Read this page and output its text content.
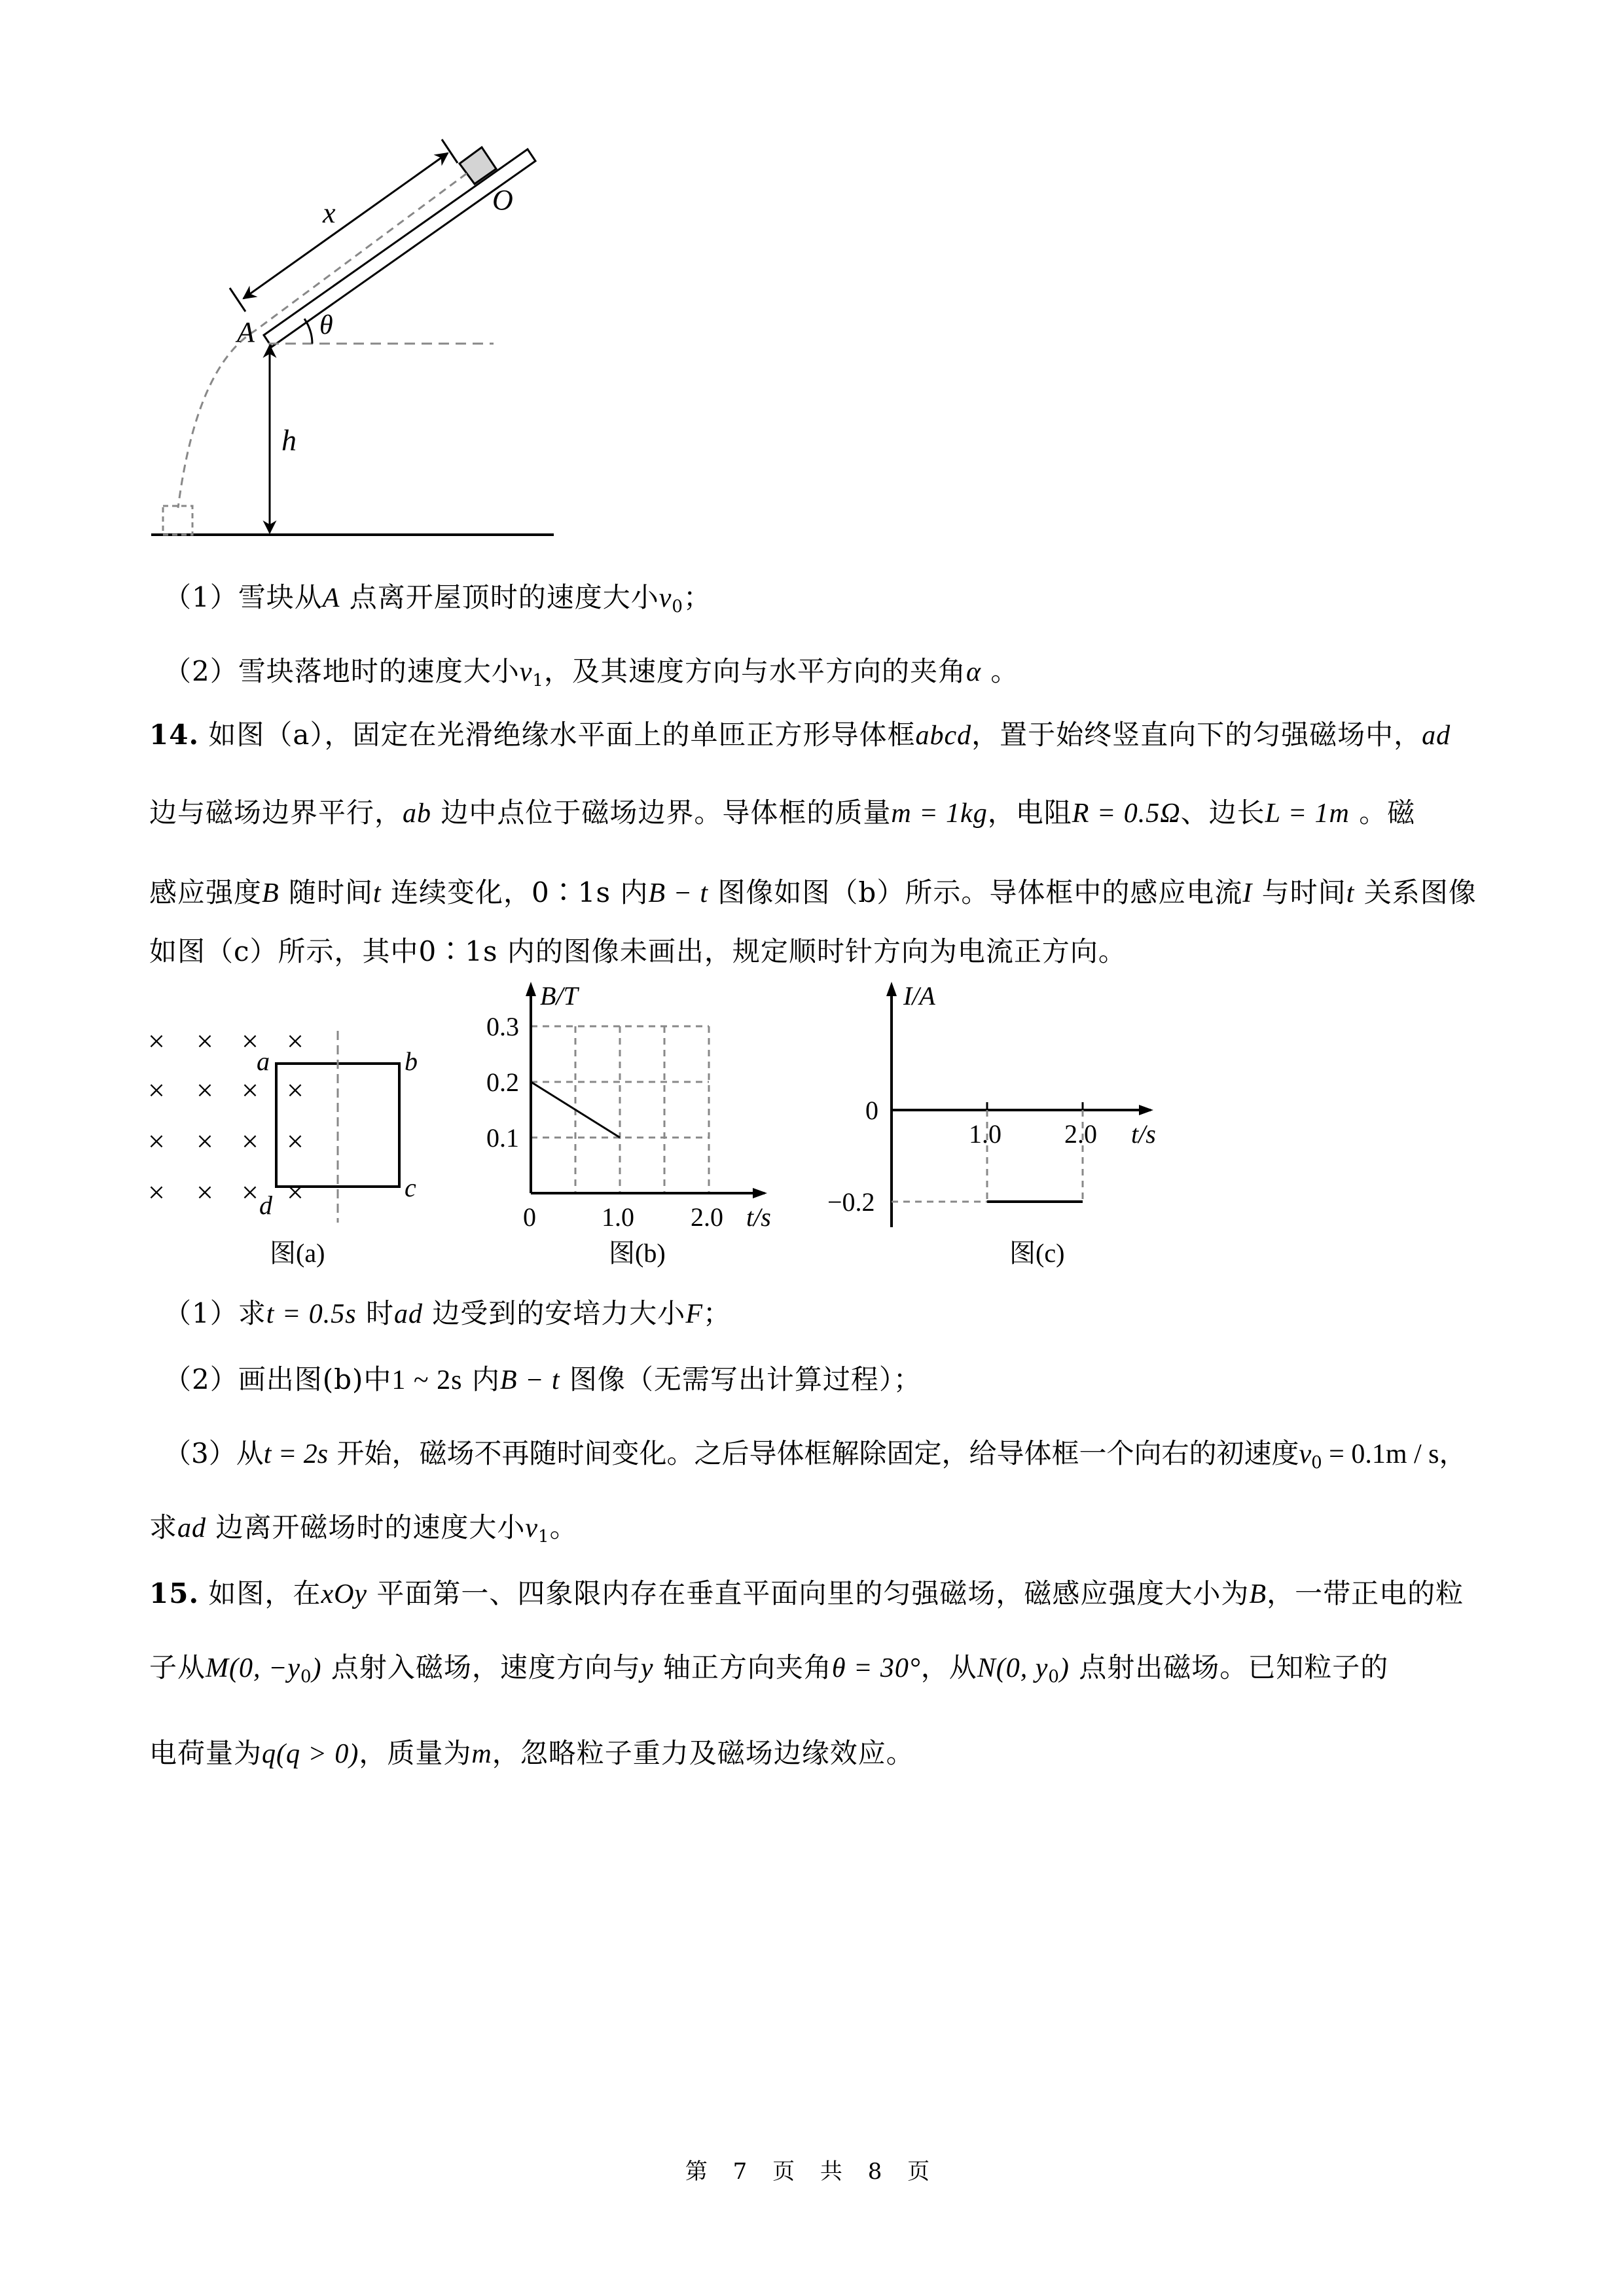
x	O
A θ
h
（1）雪块从A 点离开屋顶时的速度大小$v_0$；
（2）雪块落地时的速度大小$v_1$，及其速度方向与水平方向的夹角α 。
14. 如图（a），固定在光滑绝缘水平面上的单匝正方形导体框abcd，置于始终竖直向下的匀强磁场中，ad
边与磁场边界平行，ab 边中点位于磁场边界。导体框的质量m = 1kg，电阻R = 0.5Ω、边长L = 1m 。磁
感应强度B 随时间t 连续变化，0∶1s 内B − t 图像如图（b）所示。导体框中的感应电流I 与时间t 关系图像
如图（c）所示，其中0∶1s 内的图像未画出，规定顺时针方向为电流正方向。
× × × ×
× × × ×
× × × ×
× × × ×
a	b
c
d
图(a)
0.1
0.2
0.3
0	1.0 2.0
B/T
t/s
图(b)
1.0 2.0
0
−0.2
I/A
t/s
图(c)
（1）求t = 0.5s 时ad 边受到的安培力大小F；
（2）画出图(b)中1 ~ 2s 内B − t 图像（无需写出计算过程）；
（3）从t = 2s 开始，磁场不再随时间变化。之后导体框解除固定，给导体框一个向右的初速度$v_0 = 0.1m / s$，
求ad 边离开磁场时的速度大小$v_1$。
15. 如图，在xOy 平面第一、四象限内存在垂直平面向里的匀强磁场，磁感应强度大小为B，一带正电的粒
子从M(0, $-y_0$) 点射入磁场，速度方向与y 轴正方向夹角θ = 30°，从N(0, $y_0$) 点射出磁场。已知粒子的
电荷量为q(q > 0)，质量为m，忽略粒子重力及磁场边缘效应。
第 7 页 共 8 页
